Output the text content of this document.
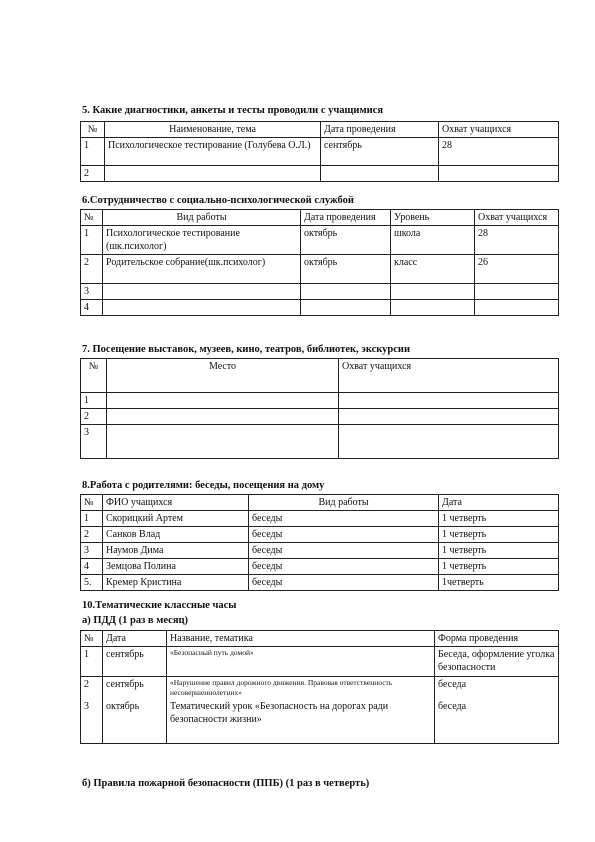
5. Какие диагностики, анкеты и тесты проводили с учащимися
№	Наименование, тема	Дата проведения	Охват учащихся
1	Психологическое тестирование (Голубева О.Л.)	сентябрь	28
2			
6.Сотрудничество с социально-психологической службой
№	Вид работы	Дата проведения	Уровень	Охват учащихся
1	Психологическое тестирование (шк.психолог)	октябрь	школа	28
2	Родительское собрание(шк.психолог)	октябрь	класс	26
3				
4				
7. Посещение выставок, музеев, кино, театров, библиотек, экскурсии
№	Место	Охват учащихся
1		
2		
3		
8.Работа с родителями: беседы, посещения на дому
№	ФИО учащихся	Вид работы	Дата
1	Скорицкий Артем	беседы	1 четверть
2	Санков Влад	беседы	1 четверть
3	Наумов Дима	беседы	1 четверть
4	Земцова Полина	беседы	1 четверть
5.	Кремер Кристина	беседы	1четверть
10.Тематические классные часы
а) ПДД (1 раз в месяц)
№	Дата	Название, тематика	Форма проведения
1	сентябрь	«Безопасный путь домой»	Беседа, оформление уголка безопасности
2	сентябрь	«Нарушение правил дорожного движения. Правовая ответственность несовершеннолетних»	беседа
3	октябрь	Тематический урок «Безопасность на дорогах ради безопасности жизни»	беседа
б) Правила пожарной безопасности (ППБ) (1 раз в четверть)
